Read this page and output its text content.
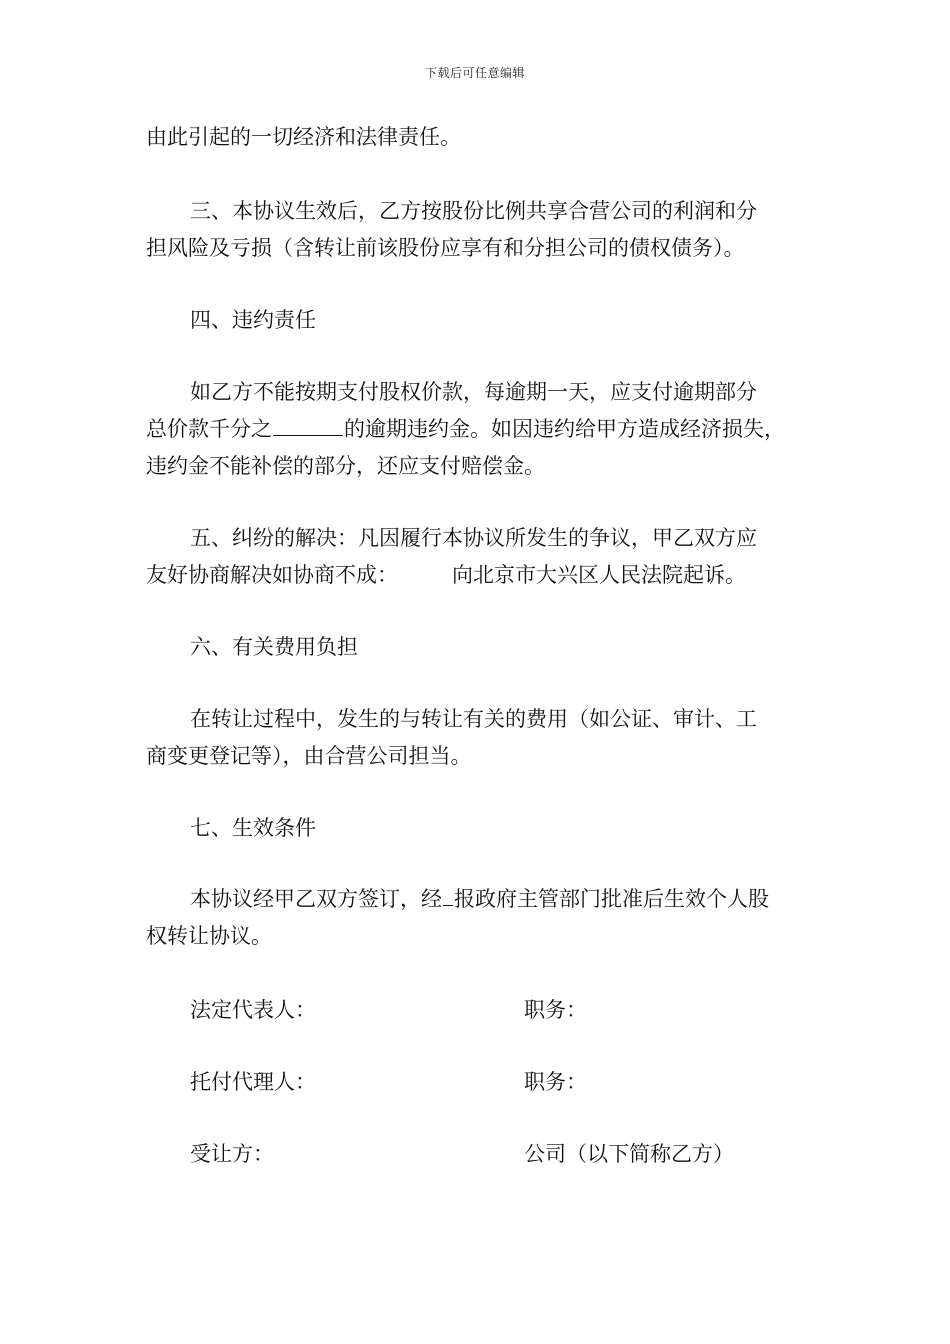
下载后可任意编辑
由此引起的一切经济和法律责任。
三、本协议生效后，乙方按股份比例共享合营公司的利润和分
担风险及亏损（含转让前该股份应享有和分担公司的债权债务）。
四、违约责任
如乙方不能按期支付股权价款，每逾期一天，应支付逾期部分
总价款千分之	的逾期违约金。如因违约给甲方造成经济损失，
违约金不能补偿的部分，还应支付赔偿金。
五、纠纷的解决：凡因履行本协议所发生的争议，甲乙双方应
友好协商解决如协商不成：	向北京市大兴区人民法院起诉。
六、有关费用负担
在转让过程中，发生的与转让有关的费用（如公证、审计、工
商变更登记等），由合营公司担当。
七、生效条件
本协议经甲乙双方签订，经 报政府主管部门批准后生效个人股
权转让协议。
法定代表人：	职务：
托付代理人：	职务：
受让方：	公司（以下简称乙方）
